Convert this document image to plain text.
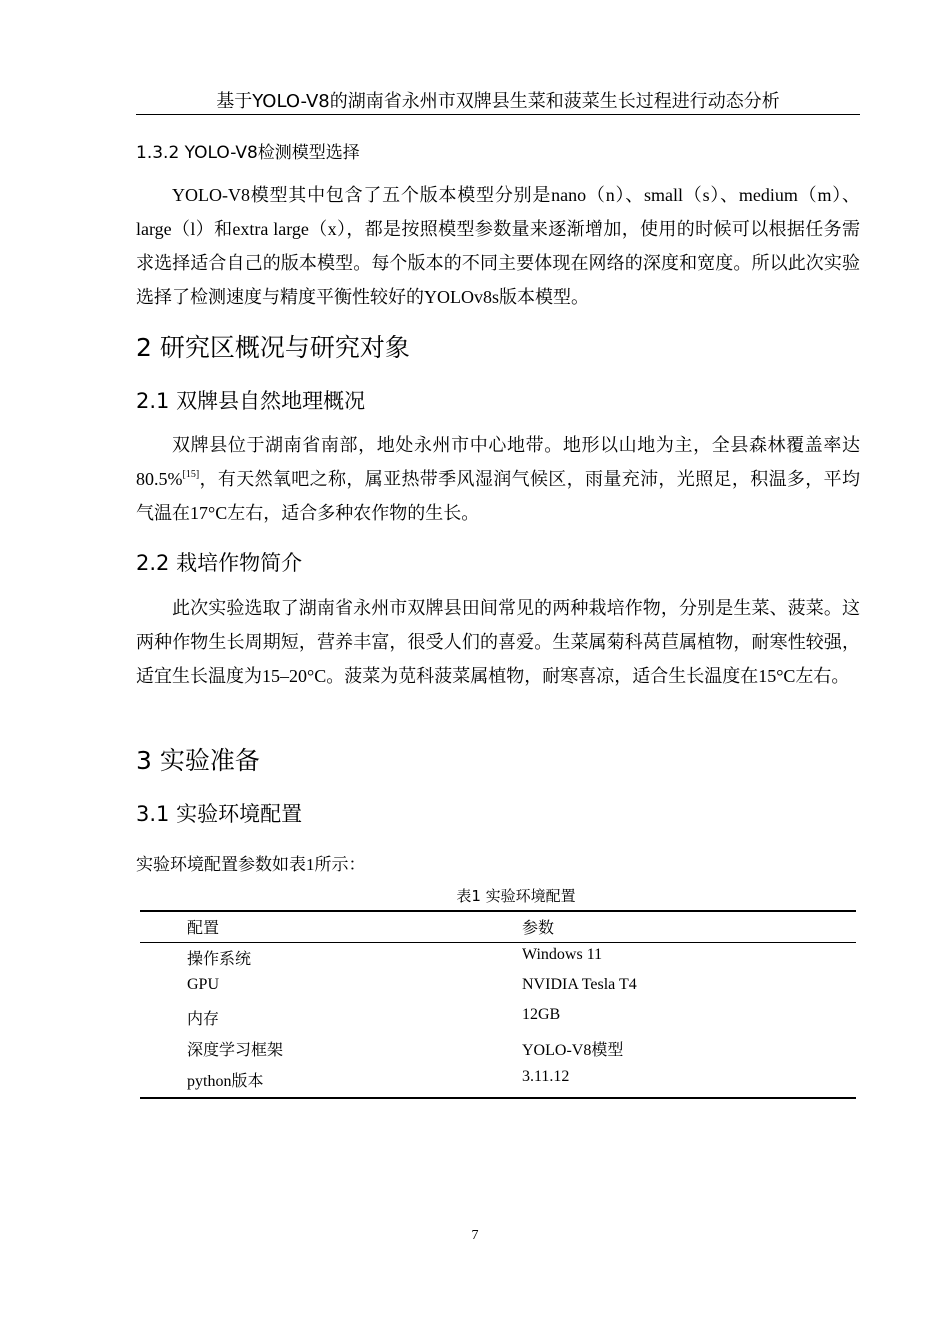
基于YOLO-V8的湖南省永州市双牌县生菜和菠菜生长过程进行动态分析
1.3.2 YOLO-V8检测模型选择
YOLO-V8模型其中包含了五个版本模型分别是nano（n）、small（s）、medium（m）、large（l）和extra large（x），都是按照模型参数量来逐渐增加，使用的时候可以根据任务需求选择适合自己的版本模型。每个版本的不同主要体现在网络的深度和宽度。所以此次实验选择了检测速度与精度平衡性较好的YOLOv8s版本模型。
2 研究区概况与研究对象
2.1 双牌县自然地理概况
双牌县位于湖南省南部，地处永州市中心地带。地形以山地为主，全县森林覆盖率达80.5%[15]，有天然氧吧之称，属亚热带季风湿润气候区，雨量充沛，光照足，积温多，平均气温在17°C左右，适合多种农作物的生长。
2.2 栽培作物简介
此次实验选取了湖南省永州市双牌县田间常见的两种栽培作物，分别是生菜、菠菜。这两种作物生长周期短，营养丰富，很受人们的喜爱。生菜属菊科莴苣属植物，耐寒性较强，适宜生长温度为15–20°C。菠菜为苋科菠菜属植物，耐寒喜凉，适合生长温度在15°C左右。
3 实验准备
3.1 实验环境配置
实验环境配置参数如表1所示：
表1 实验环境配置
配置	参数
操作系统	Windows 11
GPU	NVIDIA Tesla T4
内存	12GB
深度学习框架	YOLO-V8模型
python版本	3.11.12
7
